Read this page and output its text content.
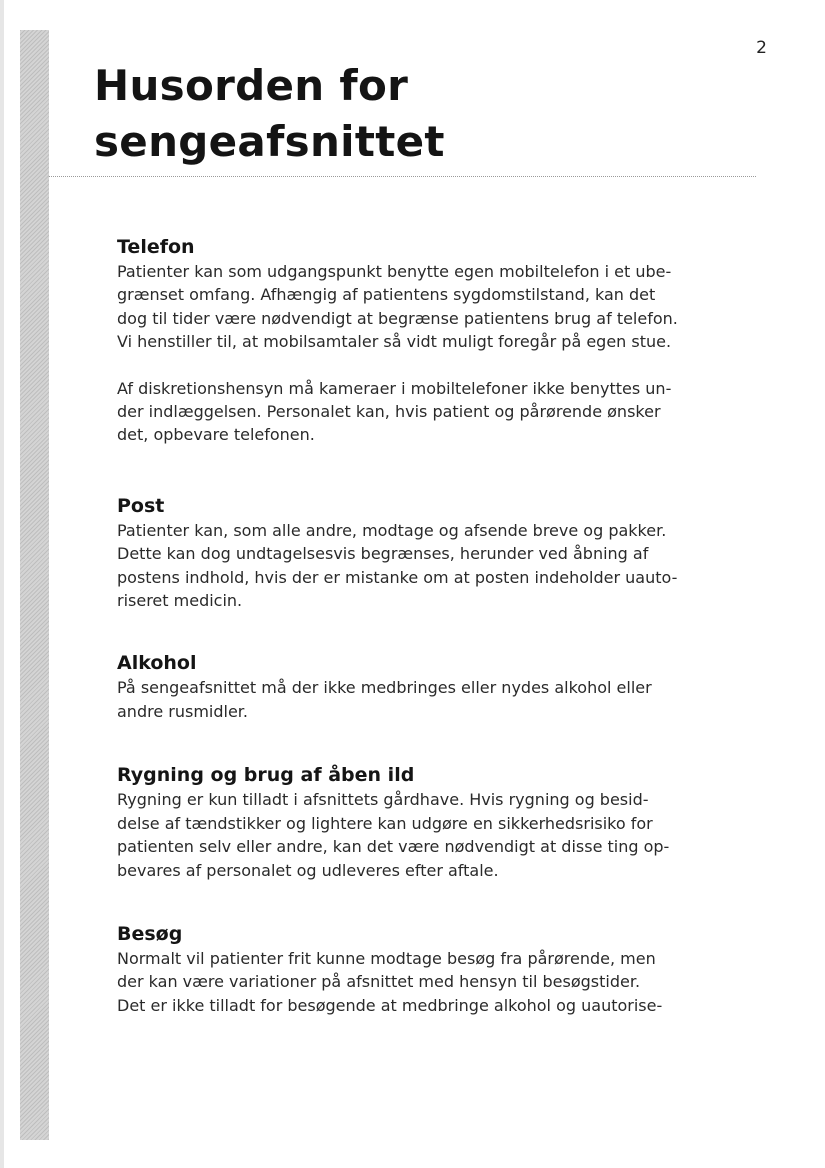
2
Husorden for
sengeafsnittet
Telefon

Patienter kan som udgangspunkt benytte egen mobiltelefon i et ube-
grænset omfang. Afhængig af patientens sygdomstilstand, kan det
dog til tider være nødvendigt at begrænse patientens brug af telefon.
Vi henstiller til, at mobilsamtaler så vidt muligt foregår på egen stue.

Af diskretionshensyn må kameraer i mobiltelefoner ikke benyttes un-
der indlæggelsen. Personalet kan, hvis patient og pårørende ønsker
det, opbevare telefonen.

Post

Patienter kan, som alle andre, modtage og afsende breve og pakker.
Dette kan dog undtagelsesvis begrænses, herunder ved åbning af
postens indhold, hvis der er mistanke om at posten indeholder uauto-
riseret medicin.

Alkohol

På sengeafsnittet må der ikke medbringes eller nydes alkohol eller
andre rusmidler.

Rygning og brug af åben ild

Rygning er kun tilladt i afsnittets gårdhave. Hvis rygning og besid-
delse af tændstikker og lightere kan udgøre en sikkerhedsrisiko for
patienten selv eller andre, kan det være nødvendigt at disse ting op-
bevares af personalet og udleveres efter aftale.

Besøg

Normalt vil patienter frit kunne modtage besøg fra pårørende, men
der kan være variationer på afsnittet med hensyn til besøgstider.
Det er ikke tilladt for besøgende at medbringe alkohol og uautorise-
